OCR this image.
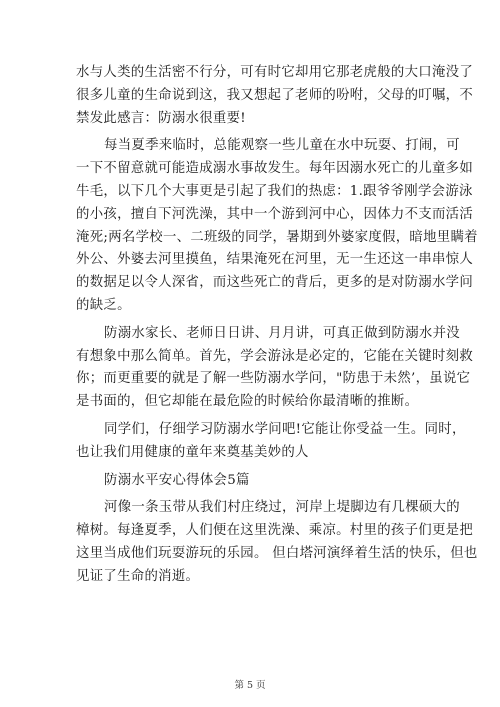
水与人类的生活密不行分，可有时它却用它那老虎般的大口淹没了
很多儿童的生命说到这，我又想起了老师的吩咐，父母的叮嘱，不
禁发此感言：防溺水很重要!
每当夏季来临时，总能观察一些儿童在水中玩耍、打闹，可
一下不留意就可能造成溺水事故发生。每年因溺水死亡的儿童多如
牛毛，以下几个大事更是引起了我们的热虑：1.跟爷爷刚学会游泳
的小孩，擅自下河洗澡，其中一个游到河中心，因体力不支而活活
淹死;两名学校一、二班级的同学，暑期到外婆家度假，暗地里瞒着
外公、外婆去河里摸鱼，结果淹死在河里，无一生还这一串串惊人
的数据足以令人深省，而这些死亡的背后，更多的是对防溺水学问
的缺乏。
防溺水家长、老师日日讲、月月讲，可真正做到防溺水并没
有想象中那么简单。首先，学会游泳是必定的，它能在关键时刻救
你；而更重要的就是了解一些防溺水学问，"防患于未然’，虽说它
是书面的，但它却能在最危险的时候给你最清晰的推断。
同学们，仔细学习防溺水学问吧!它能让你受益一生。同时，
也让我们用健康的童年来奠基美妙的人
防溺水平安心得体会5篇
河像一条玉带从我们村庄绕过，河岸上堤脚边有几棵硕大的
樟树。每逢夏季，人们便在这里洗澡、乘凉。村里的孩子们更是把
这里当成他们玩耍游玩的乐园。 但白塔河演绎着生活的快乐，但也
见证了生命的消逝。
第 5 页
